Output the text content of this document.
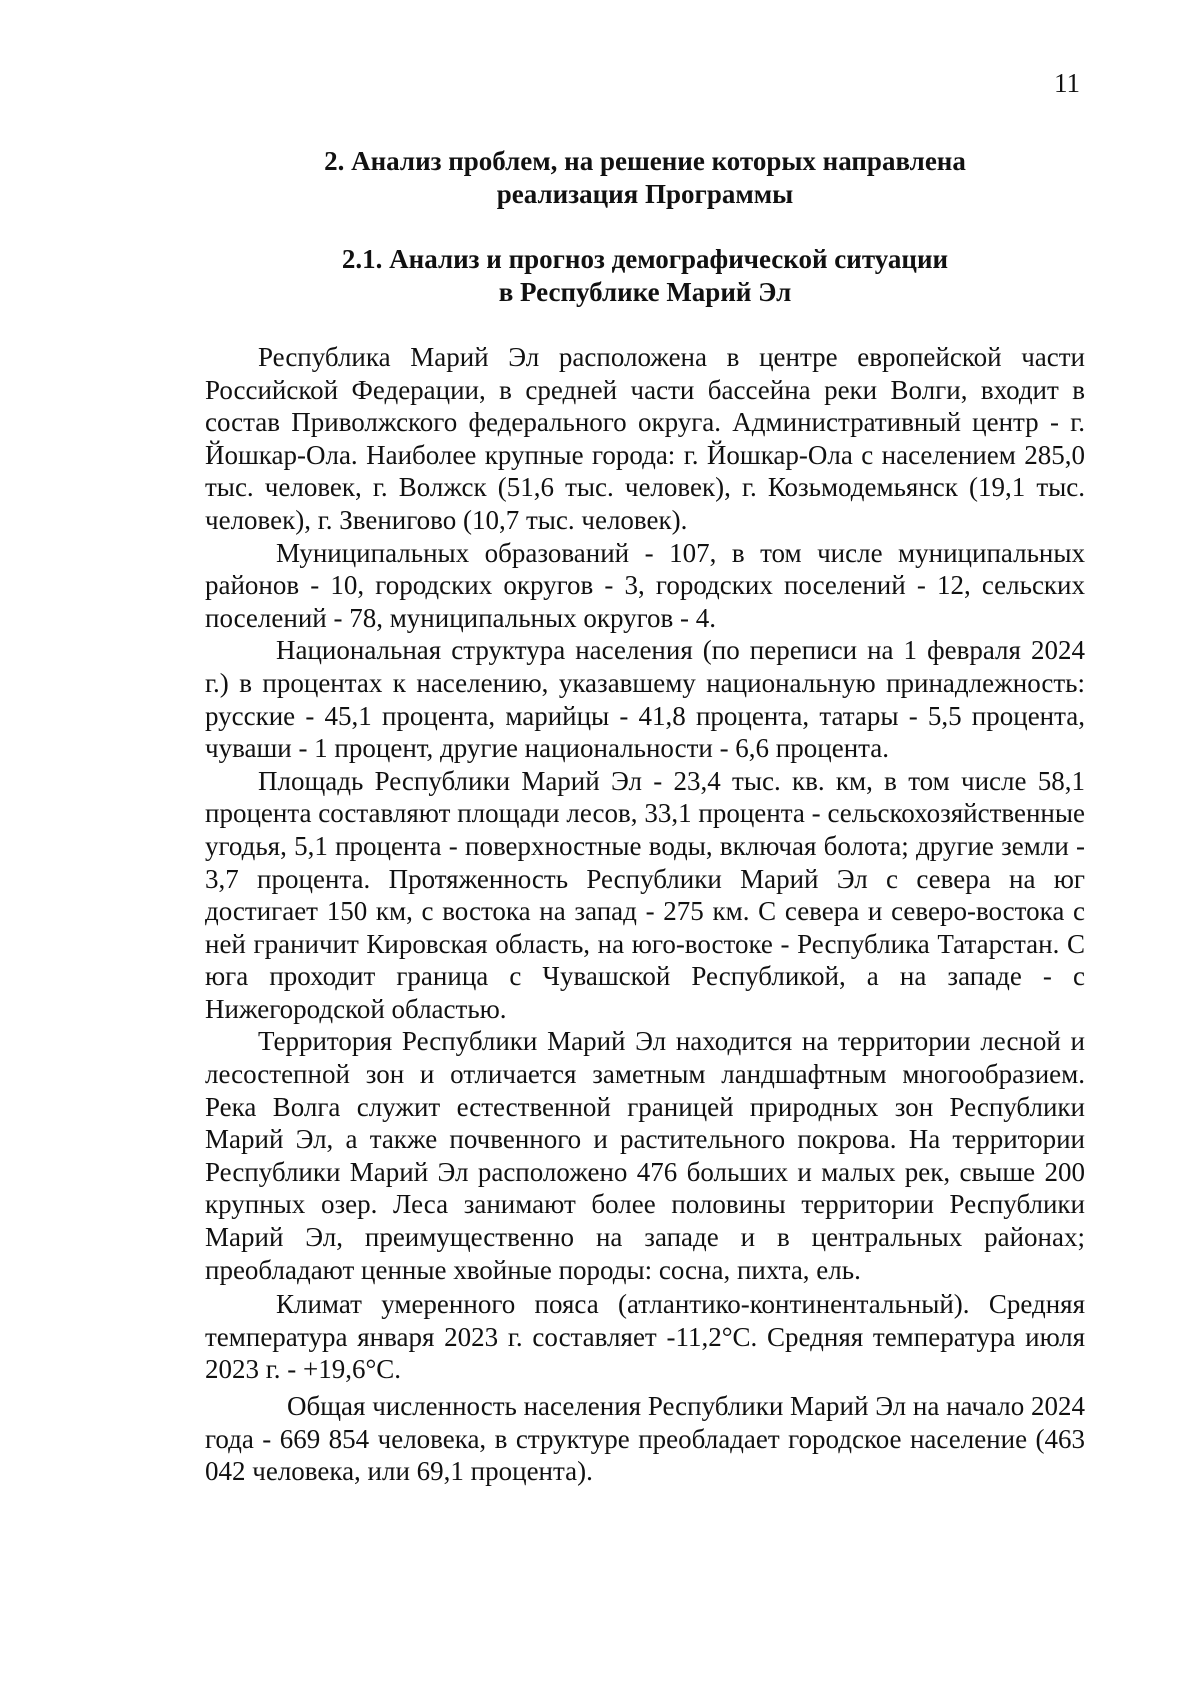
11
2. Анализ проблем, на решение которых направлена
реализация Программы
2.1. Анализ и прогноз демографической ситуации
в Республике Марий Эл

Республика Марий Эл расположена в центре европейской части Российской Федерации, в средней части бассейна реки Волги, входит в состав Приволжского федерального округа. Административный центр - г. Йошкар-Ола. Наиболее крупные города: г. Йошкар-Ола с населением 285,0 тыс. человек, г. Волжск (51,6 тыс. человек), г. Козьмодемьянск (19,1 тыс. человек), г. Звенигово (10,7 тыс. человек).

Муниципальных образований - 107, в том числе муниципальных районов - 10, городских округов - 3, городских поселений - 12, сельских поселений - 78, муниципальных округов - 4.

Национальная структура населения (по переписи на 1 февраля 2024 г.) в процентах к населению, указавшему национальную принадлежность: русские - 45,1 процента, марийцы - 41,8 процента, татары - 5,5 процента, чуваши - 1 процент, другие национальности - 6,6 процента.

Площадь Республики Марий Эл - 23,4 тыс. кв. км, в том числе 58,1 процента составляют площади лесов, 33,1 процента - сельскохозяйственные угодья, 5,1 процента - поверхностные воды, включая болота; другие земли - 3,7 процента. Протяженность Республики Марий Эл с севера на юг достигает 150 км, с востока на запад - 275 км. С севера и северо-востока с ней граничит Кировская область, на юго-востоке - Республика Татарстан. С юга проходит граница с Чувашской Республикой, а на западе - с Нижегородской областью.

Территория Республики Марий Эл находится на территории лесной и лесостепной зон и отличается заметным ландшафтным многообразием. Река Волга служит естественной границей природных зон Республики Марий Эл, а также почвенного и растительного покрова. На территории Республики Марий Эл расположено 476 больших и малых рек, свыше 200 крупных озер. Леса занимают более половины территории Республики Марий Эл, преимущественно на западе и в центральных районах; преобладают ценные хвойные породы: сосна, пихта, ель.

Климат умеренного пояса (атлантико-континентальный). Средняя температура января 2023 г. составляет -11,2°С. Средняя температура июля 2023 г. - +19,6°С.

Общая численность населения Республики Марий Эл на начало 2024 года - 669 854 человека, в структуре преобладает городское население (463 042 человека, или 69,1 процента).
